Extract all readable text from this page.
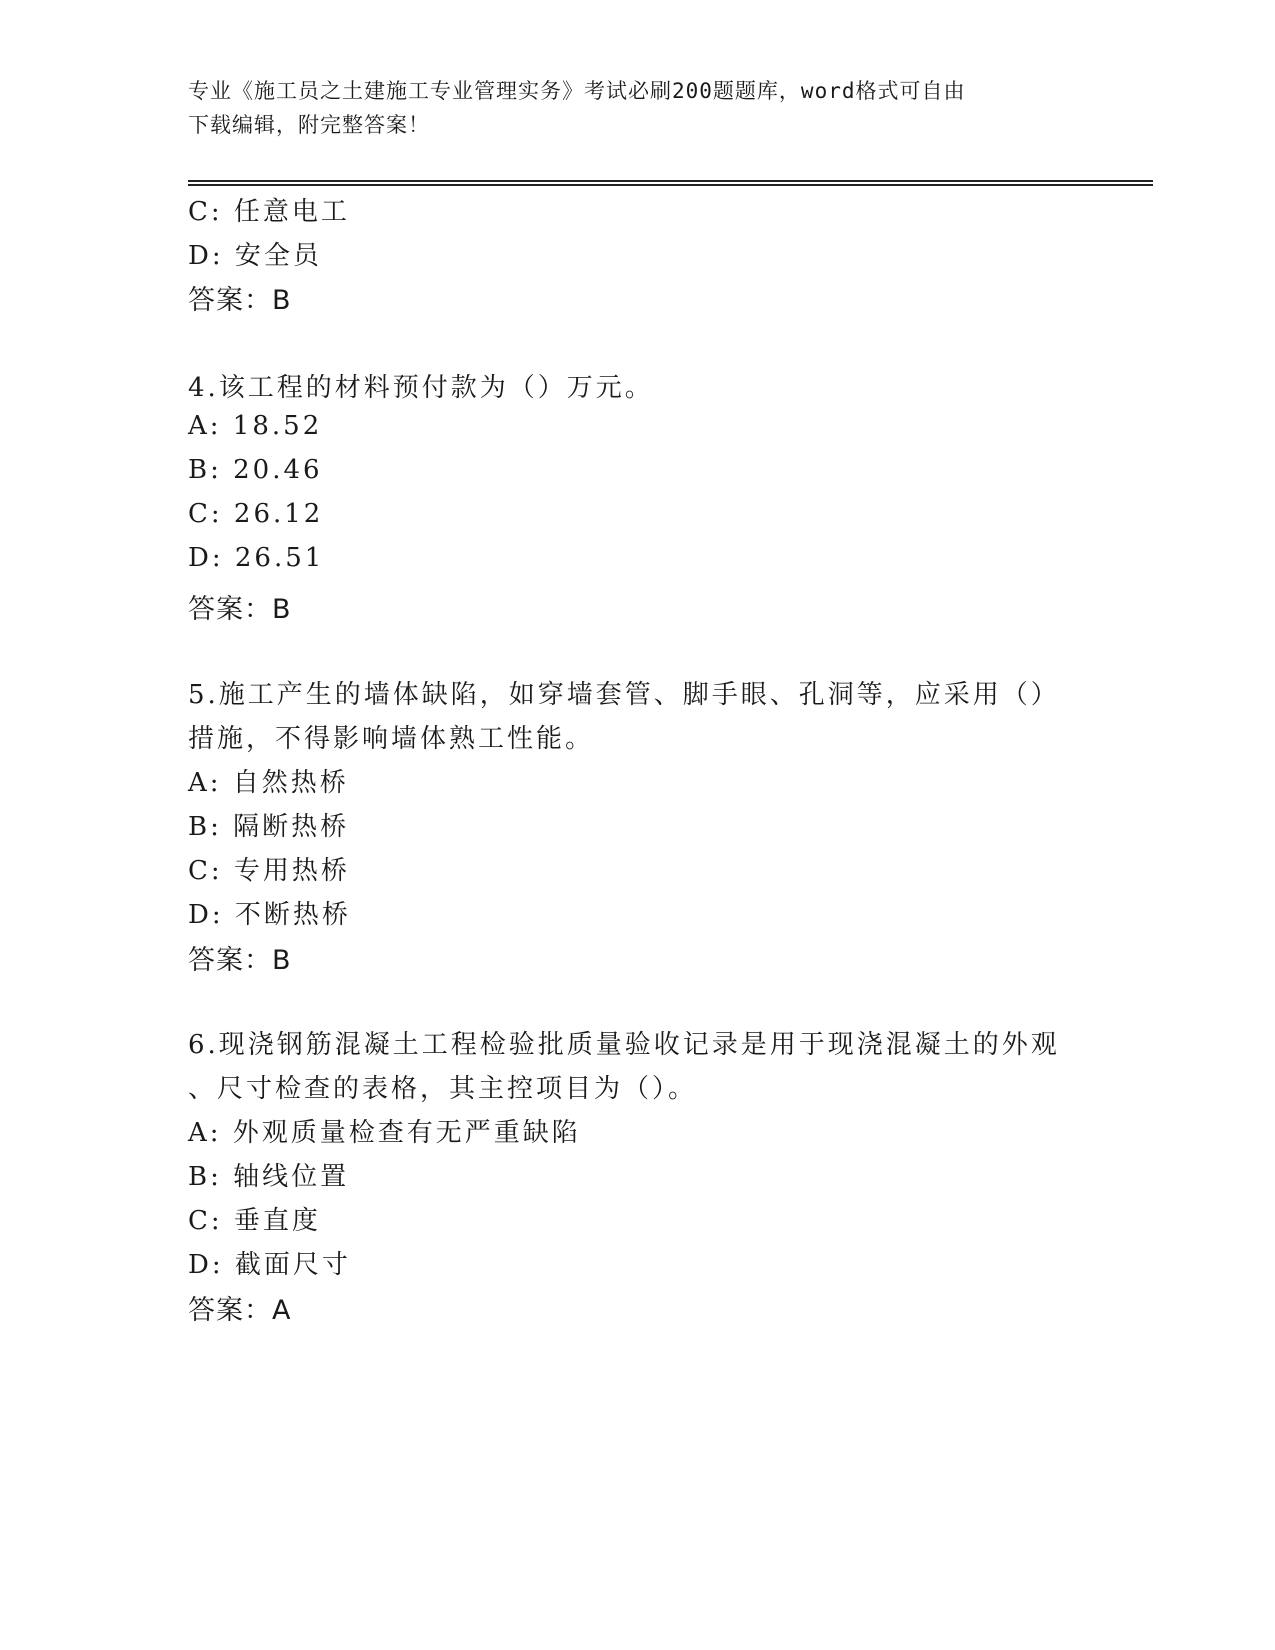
专业《施工员之土建施工专业管理实务》考试必刷200题题库，word格式可自由
下载编辑，附完整答案！
C: 任意电工
D: 安全员
答案：B
4.该工程的材料预付款为（）万元。
A: 18.52
B: 20.46
C: 26.12
D: 26.51
答案：B
5.施工产生的墙体缺陷，如穿墙套管、脚手眼、孔洞等，应采用（）
措施，不得影响墙体熟工性能。
A: 自然热桥
B: 隔断热桥
C: 专用热桥
D: 不断热桥
答案：B
6.现浇钢筋混凝土工程检验批质量验收记录是用于现浇混凝土的外观
、尺寸检查的表格，其主控项目为（）。
A: 外观质量检查有无严重缺陷
B: 轴线位置
C: 垂直度
D: 截面尺寸
答案：A
